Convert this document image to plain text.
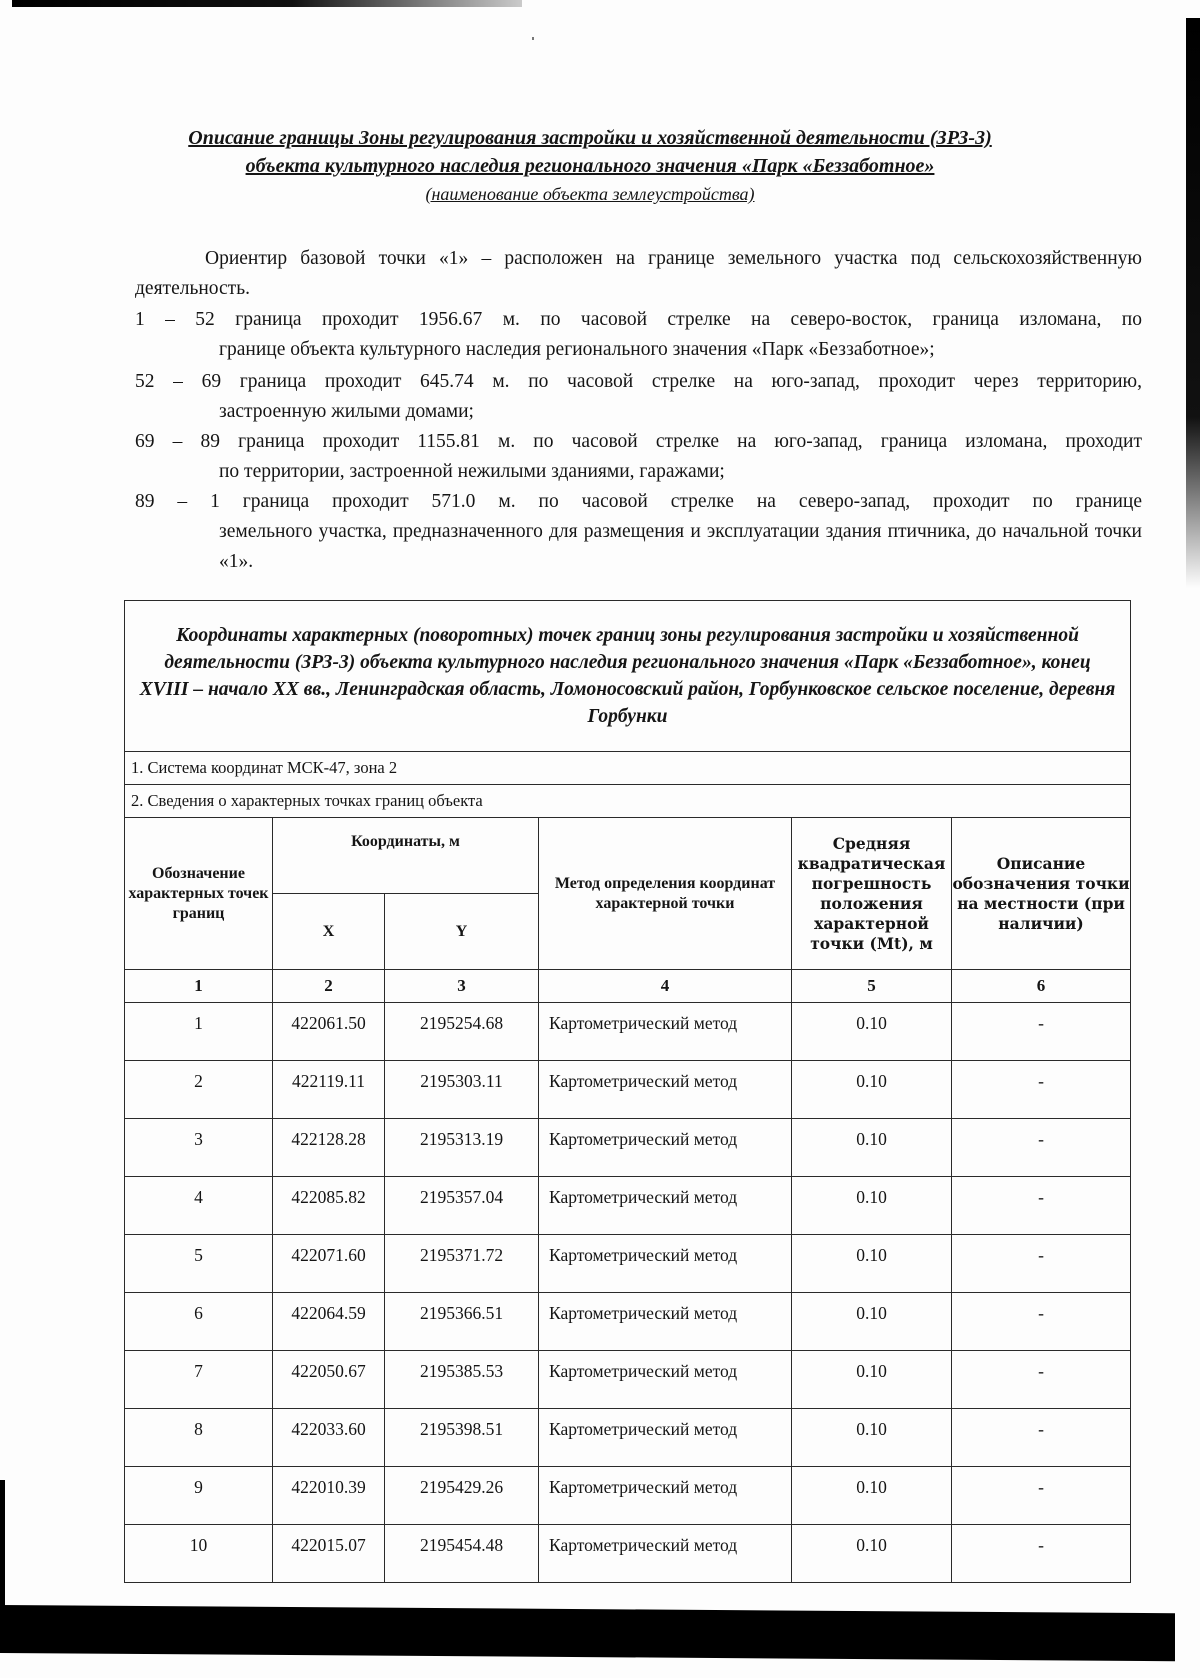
Описание границы Зоны регулирования застройки и хозяйственной деятельности (ЗРЗ-3)
объекта культурного наследия регионального значения «Парк «Беззаботное»
(наименование объекта землеустройства)
Ориентир базовой точки «1» – расположен на границе земельного участка под сельскохозяйственную деятельность.
1 – 52 граница проходит 1956.67 м. по часовой стрелке на северо-восток, граница изломана, по
границе объекта культурного наследия регионального значения «Парк «Беззаботное»;
52 – 69 граница проходит 645.74 м. по часовой стрелке на юго-запад, проходит через территорию,
застроенную жилыми домами;
69 – 89 граница проходит 1155.81 м. по часовой стрелке на юго-запад, граница изломана, проходит
по территории, застроенной нежилыми зданиями, гаражами;
89 – 1 граница проходит 571.0 м. по часовой стрелке на северо-запад, проходит по границе
земельного участка, предназначенного для размещения и эксплуатации здания птичника, до начальной точки «1».
Координаты характерных (поворотных) точек границ зоны регулирования застройки и хозяйственной деятельности (ЗРЗ-3) объекта культурного наследия регионального значения «Парк «Беззаботное», конец XVIII – начало XX вв., Ленинградская область, Ломоносовский район, Горбунковское сельское поселение, деревня Горбунки					
1. Система координат МСК-47, зона 2					
2. Сведения о характерных точках границ объекта					
Обозначение характерных точек границ	Координаты, м		Метод определения координат характерной точки	Средняя квадратическая погрешность положения характерной точки (Mt), м	Описание обозначения точки на местности (при наличии)
	X	Y			
1	2	3	4	5	6
1	422061.50	2195254.68	Картометрический метод	0.10	-
2	422119.11	2195303.11	Картометрический метод	0.10	-
3	422128.28	2195313.19	Картометрический метод	0.10	-
4	422085.82	2195357.04	Картометрический метод	0.10	-
5	422071.60	2195371.72	Картометрический метод	0.10	-
6	422064.59	2195366.51	Картометрический метод	0.10	-
7	422050.67	2195385.53	Картометрический метод	0.10	-
8	422033.60	2195398.51	Картометрический метод	0.10	-
9	422010.39	2195429.26	Картометрический метод	0.10	-
10	422015.07	2195454.48	Картометрический метод	0.10	-
